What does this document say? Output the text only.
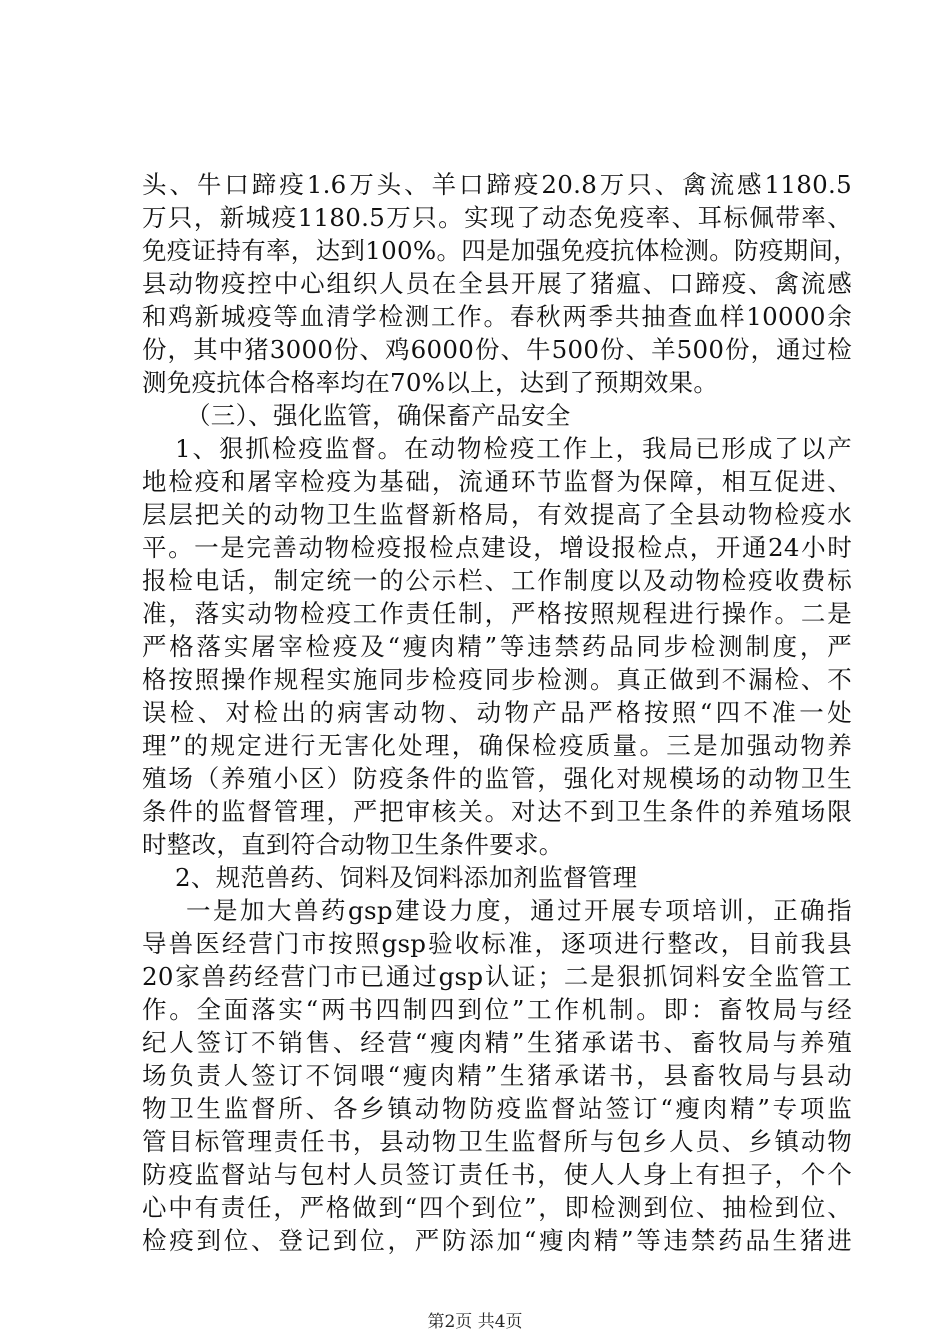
头、牛口蹄疫1.6万头、羊口蹄疫20.8万只、禽流感1180.5
万只，新城疫1180.5万只。实现了动态免疫率、耳标佩带率、
免疫证持有率，达到100%。四是加强免疫抗体检测。防疫期间，
县动物疫控中心组织人员在全县开展了猪瘟、口蹄疫、禽流感
和鸡新城疫等血清学检测工作。春秋两季共抽查血样10000余
份，其中猪3000份、鸡6000份、牛500份、羊500份，通过检
测免疫抗体合格率均在70%以上，达到了预期效果。
（三）、强化监管，确保畜产品安全
1、狠抓检疫监督。在动物检疫工作上，我局已形成了以产
地检疫和屠宰检疫为基础，流通环节监督为保障，相互促进、
层层把关的动物卫生监督新格局，有效提高了全县动物检疫水
平。一是完善动物检疫报检点建设，增设报检点，开通24小时
报检电话，制定统一的公示栏、工作制度以及动物检疫收费标
准，落实动物检疫工作责任制，严格按照规程进行操作。二是
严格落实屠宰检疫及“瘦肉精”等违禁药品同步检测制度，严
格按照操作规程实施同步检疫同步检测。真正做到不漏检、不
误检、对检出的病害动物、动物产品严格按照“四不准一处
理”的规定进行无害化处理，确保检疫质量。三是加强动物养
殖场（养殖小区）防疫条件的监管，强化对规模场的动物卫生
条件的监督管理，严把审核关。对达不到卫生条件的养殖场限
时整改，直到符合动物卫生条件要求。
2、规范兽药、饲料及饲料添加剂监督管理
一是加大兽药gsp建设力度，通过开展专项培训，正确指
导兽医经营门市按照gsp验收标准，逐项进行整改，目前我县
20家兽药经营门市已通过gsp认证；二是狠抓饲料安全监管工
作。全面落实“两书四制四到位”工作机制。即：畜牧局与经
纪人签订不销售、经营“瘦肉精”生猪承诺书、畜牧局与养殖
场负责人签订不饲喂“瘦肉精”生猪承诺书，县畜牧局与县动
物卫生监督所、各乡镇动物防疫监督站签订“瘦肉精”专项监
管目标管理责任书，县动物卫生监督所与包乡人员、乡镇动物
防疫监督站与包村人员签订责任书，使人人身上有担子，个个
心中有责任，严格做到“四个到位”，即检测到位、抽检到位、
检疫到位、登记到位，严防添加“瘦肉精”等违禁药品生猪进
第2页 共4页
